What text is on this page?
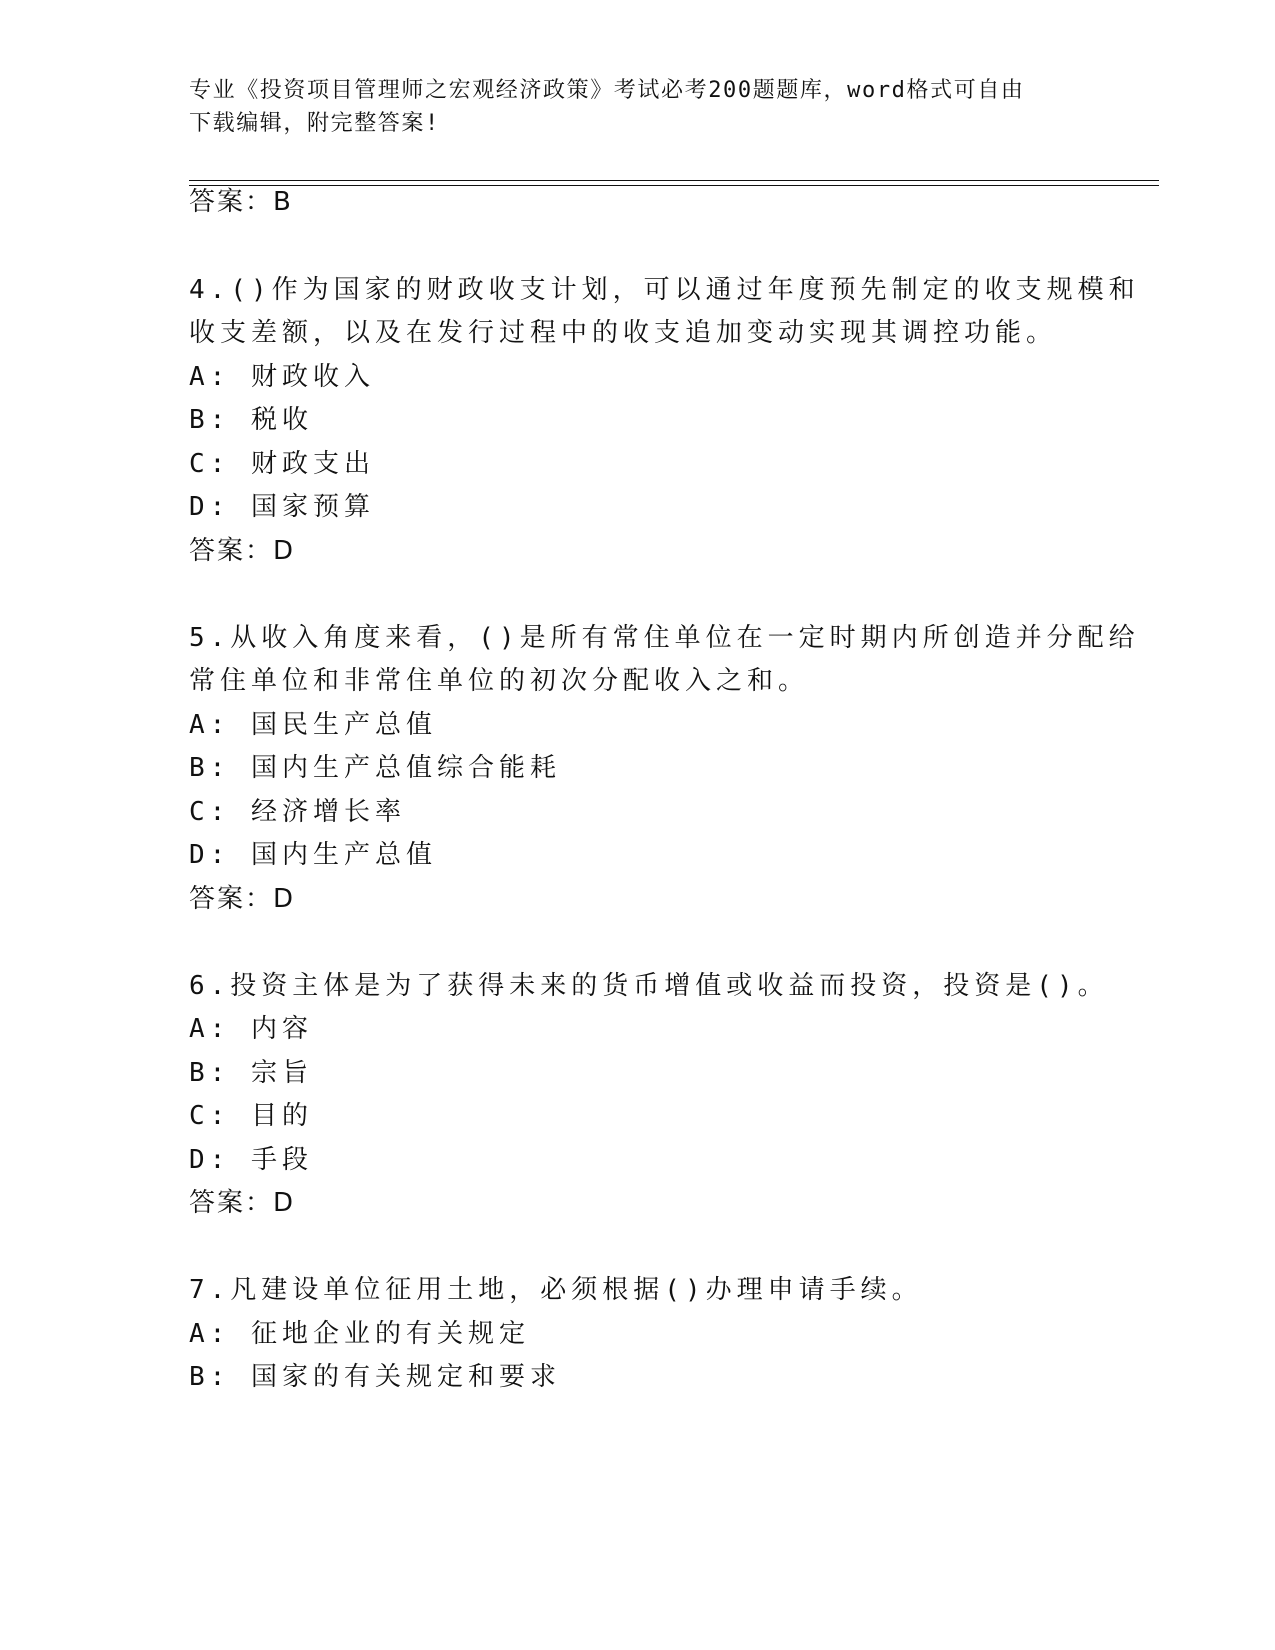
专业《投资项目管理师之宏观经济政策》考试必考200题题库，word格式可自由
下载编辑，附完整答案!
答案：B
4.()作为国家的财政收支计划，可以通过年度预先制定的收支规模和
收支差额，以及在发行过程中的收支追加变动实现其调控功能。
A: 财政收入
B: 税收
C: 财政支出
D: 国家预算
答案：D
5.从收入角度来看，()是所有常住单位在一定时期内所创造并分配给
常住单位和非常住单位的初次分配收入之和。
A: 国民生产总值
B: 国内生产总值综合能耗
C: 经济增长率
D: 国内生产总值
答案：D
6.投资主体是为了获得未来的货币增值或收益而投资，投资是()。
A: 内容
B: 宗旨
C: 目的
D: 手段
答案：D
7.凡建设单位征用土地，必须根据()办理申请手续。
A: 征地企业的有关规定
B: 国家的有关规定和要求
